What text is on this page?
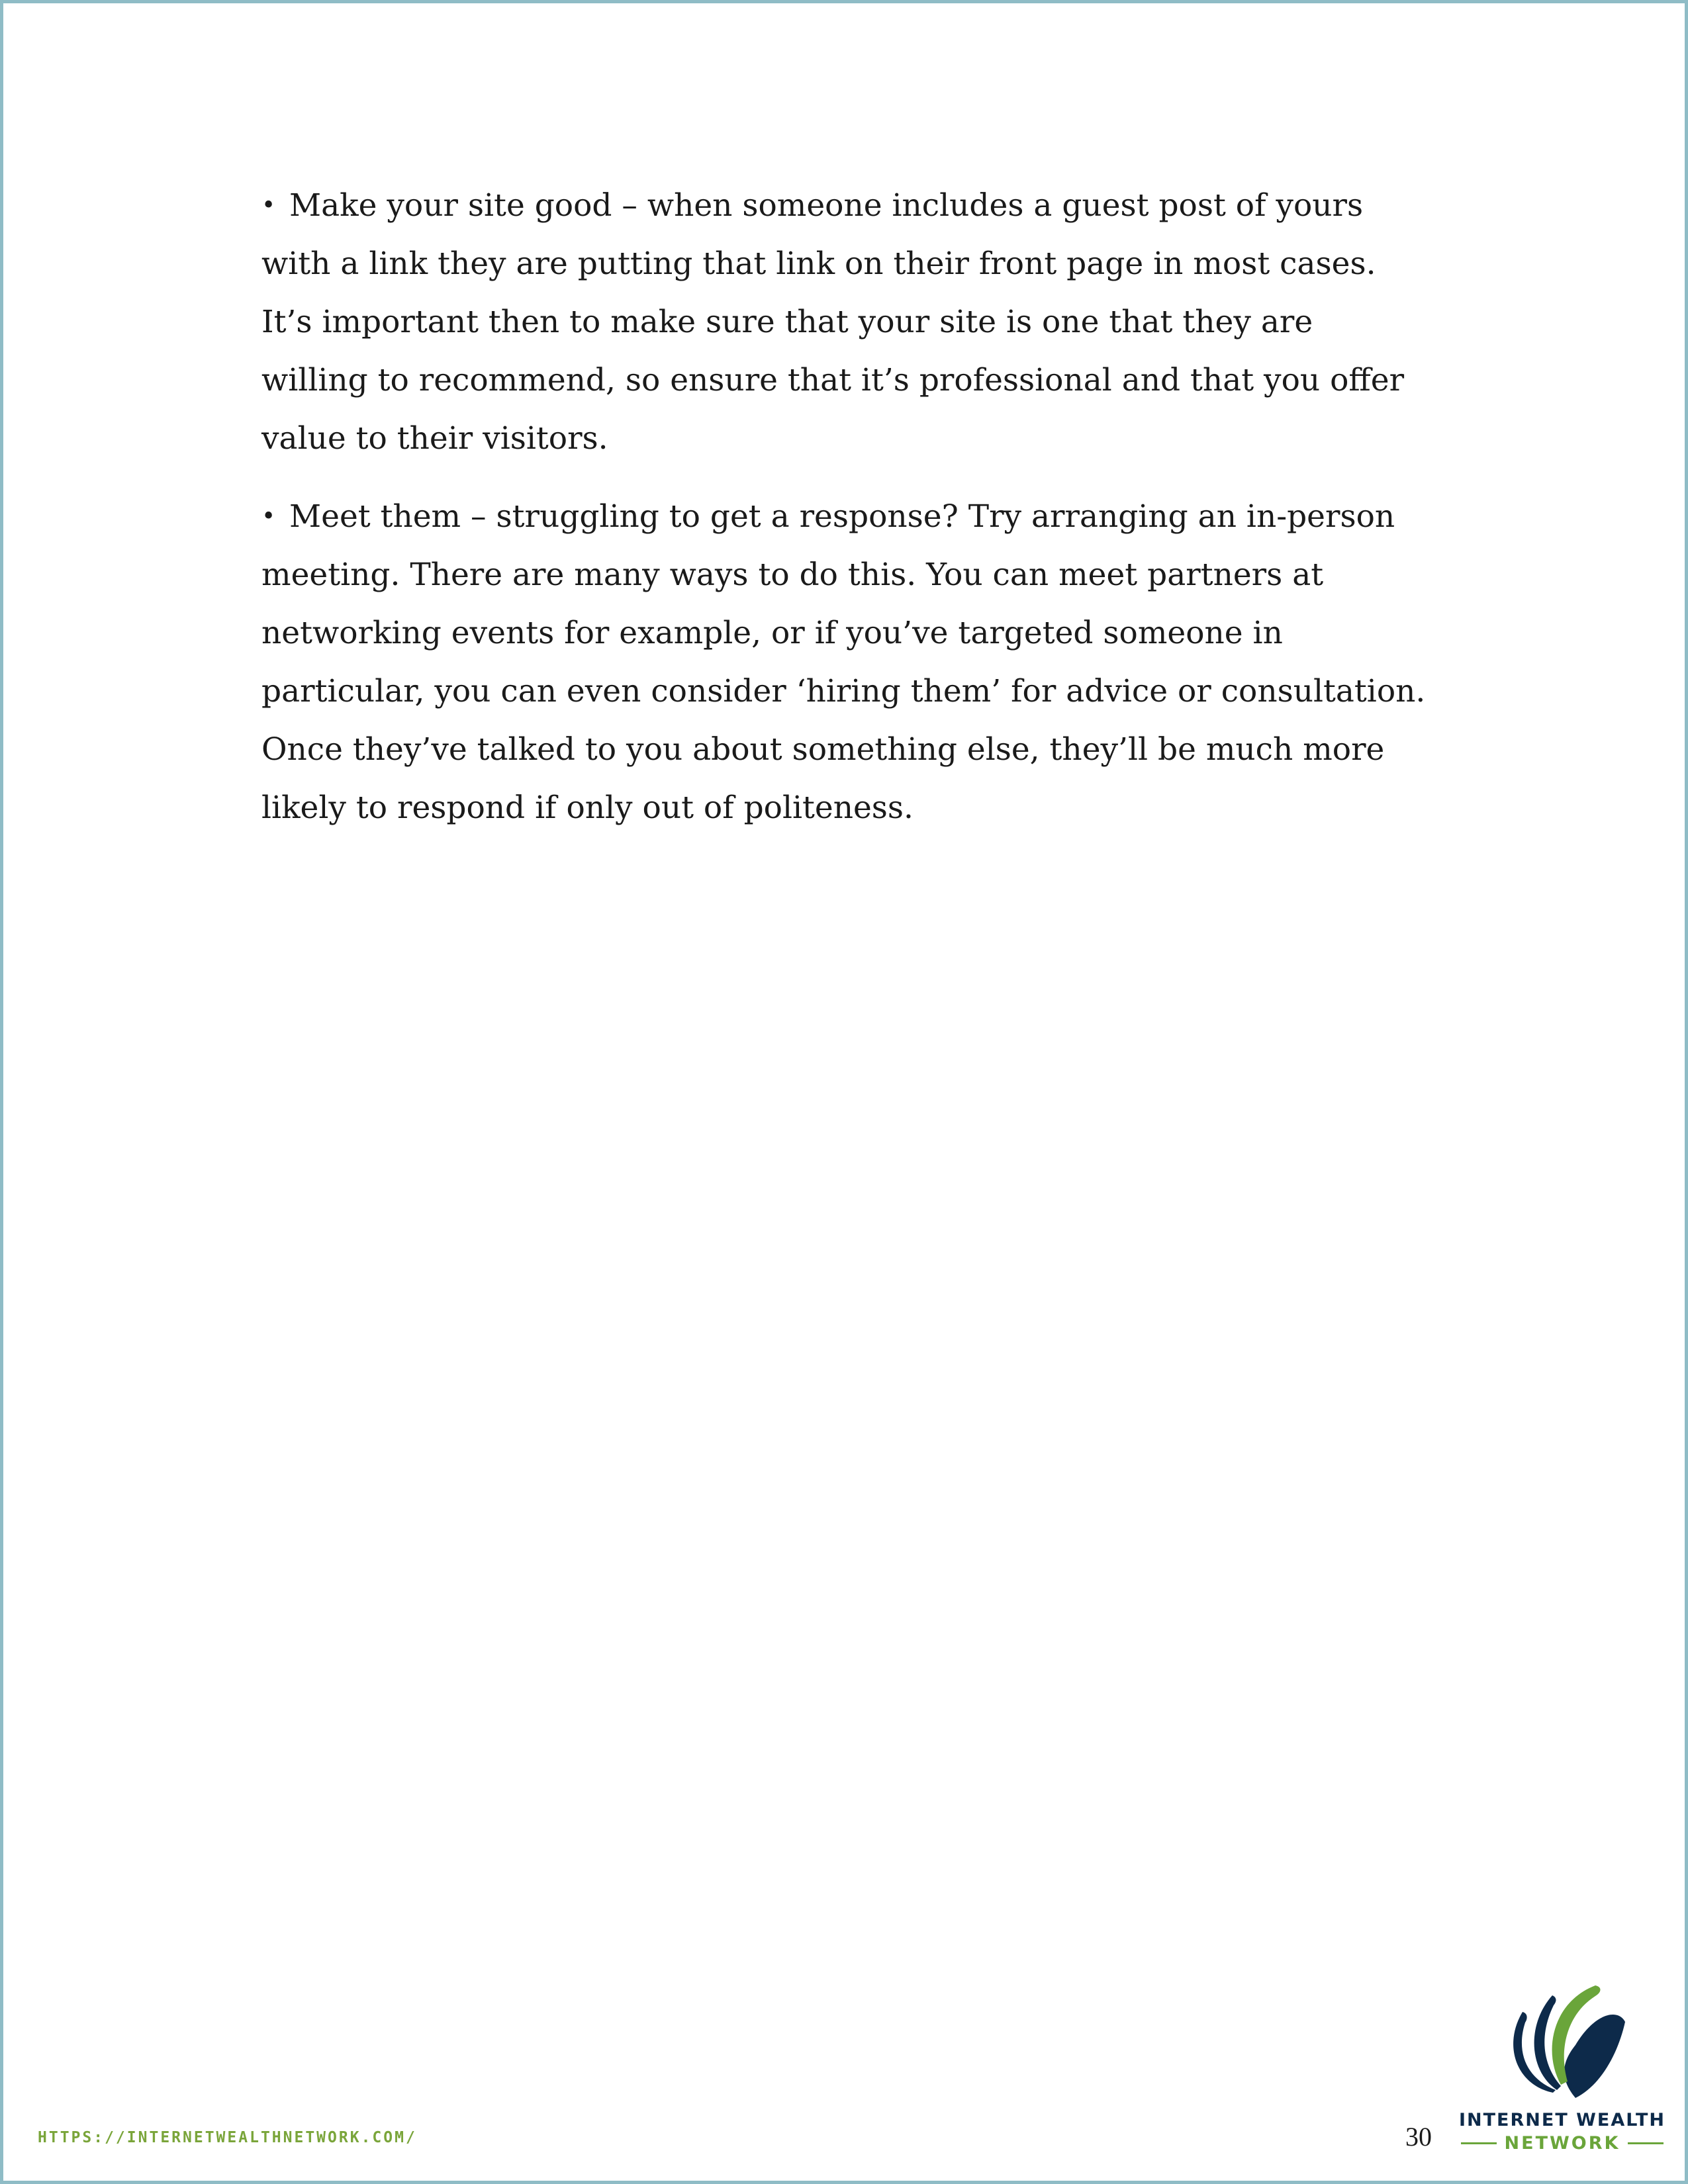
• Make your site good – when someone includes a guest post of yours with a link they are putting that link on their front page in most cases. It’s important then to make sure that your site is one that they are willing to recommend, so ensure that it’s professional and that you offer value to their visitors.

• Meet them – struggling to get a response? Try arranging an in-person meeting. There are many ways to do this. You can meet partners at networking events for example, or if you’ve targeted someone in particular, you can even consider ‘hiring them’ for advice or consultation. Once they’ve talked to you about something else, they’ll be much more likely to respond if only out of politeness.

HTTPS://INTERNETWEALTHNETWORK.COM/	30
INTERNET WEALTH
NETWORK
